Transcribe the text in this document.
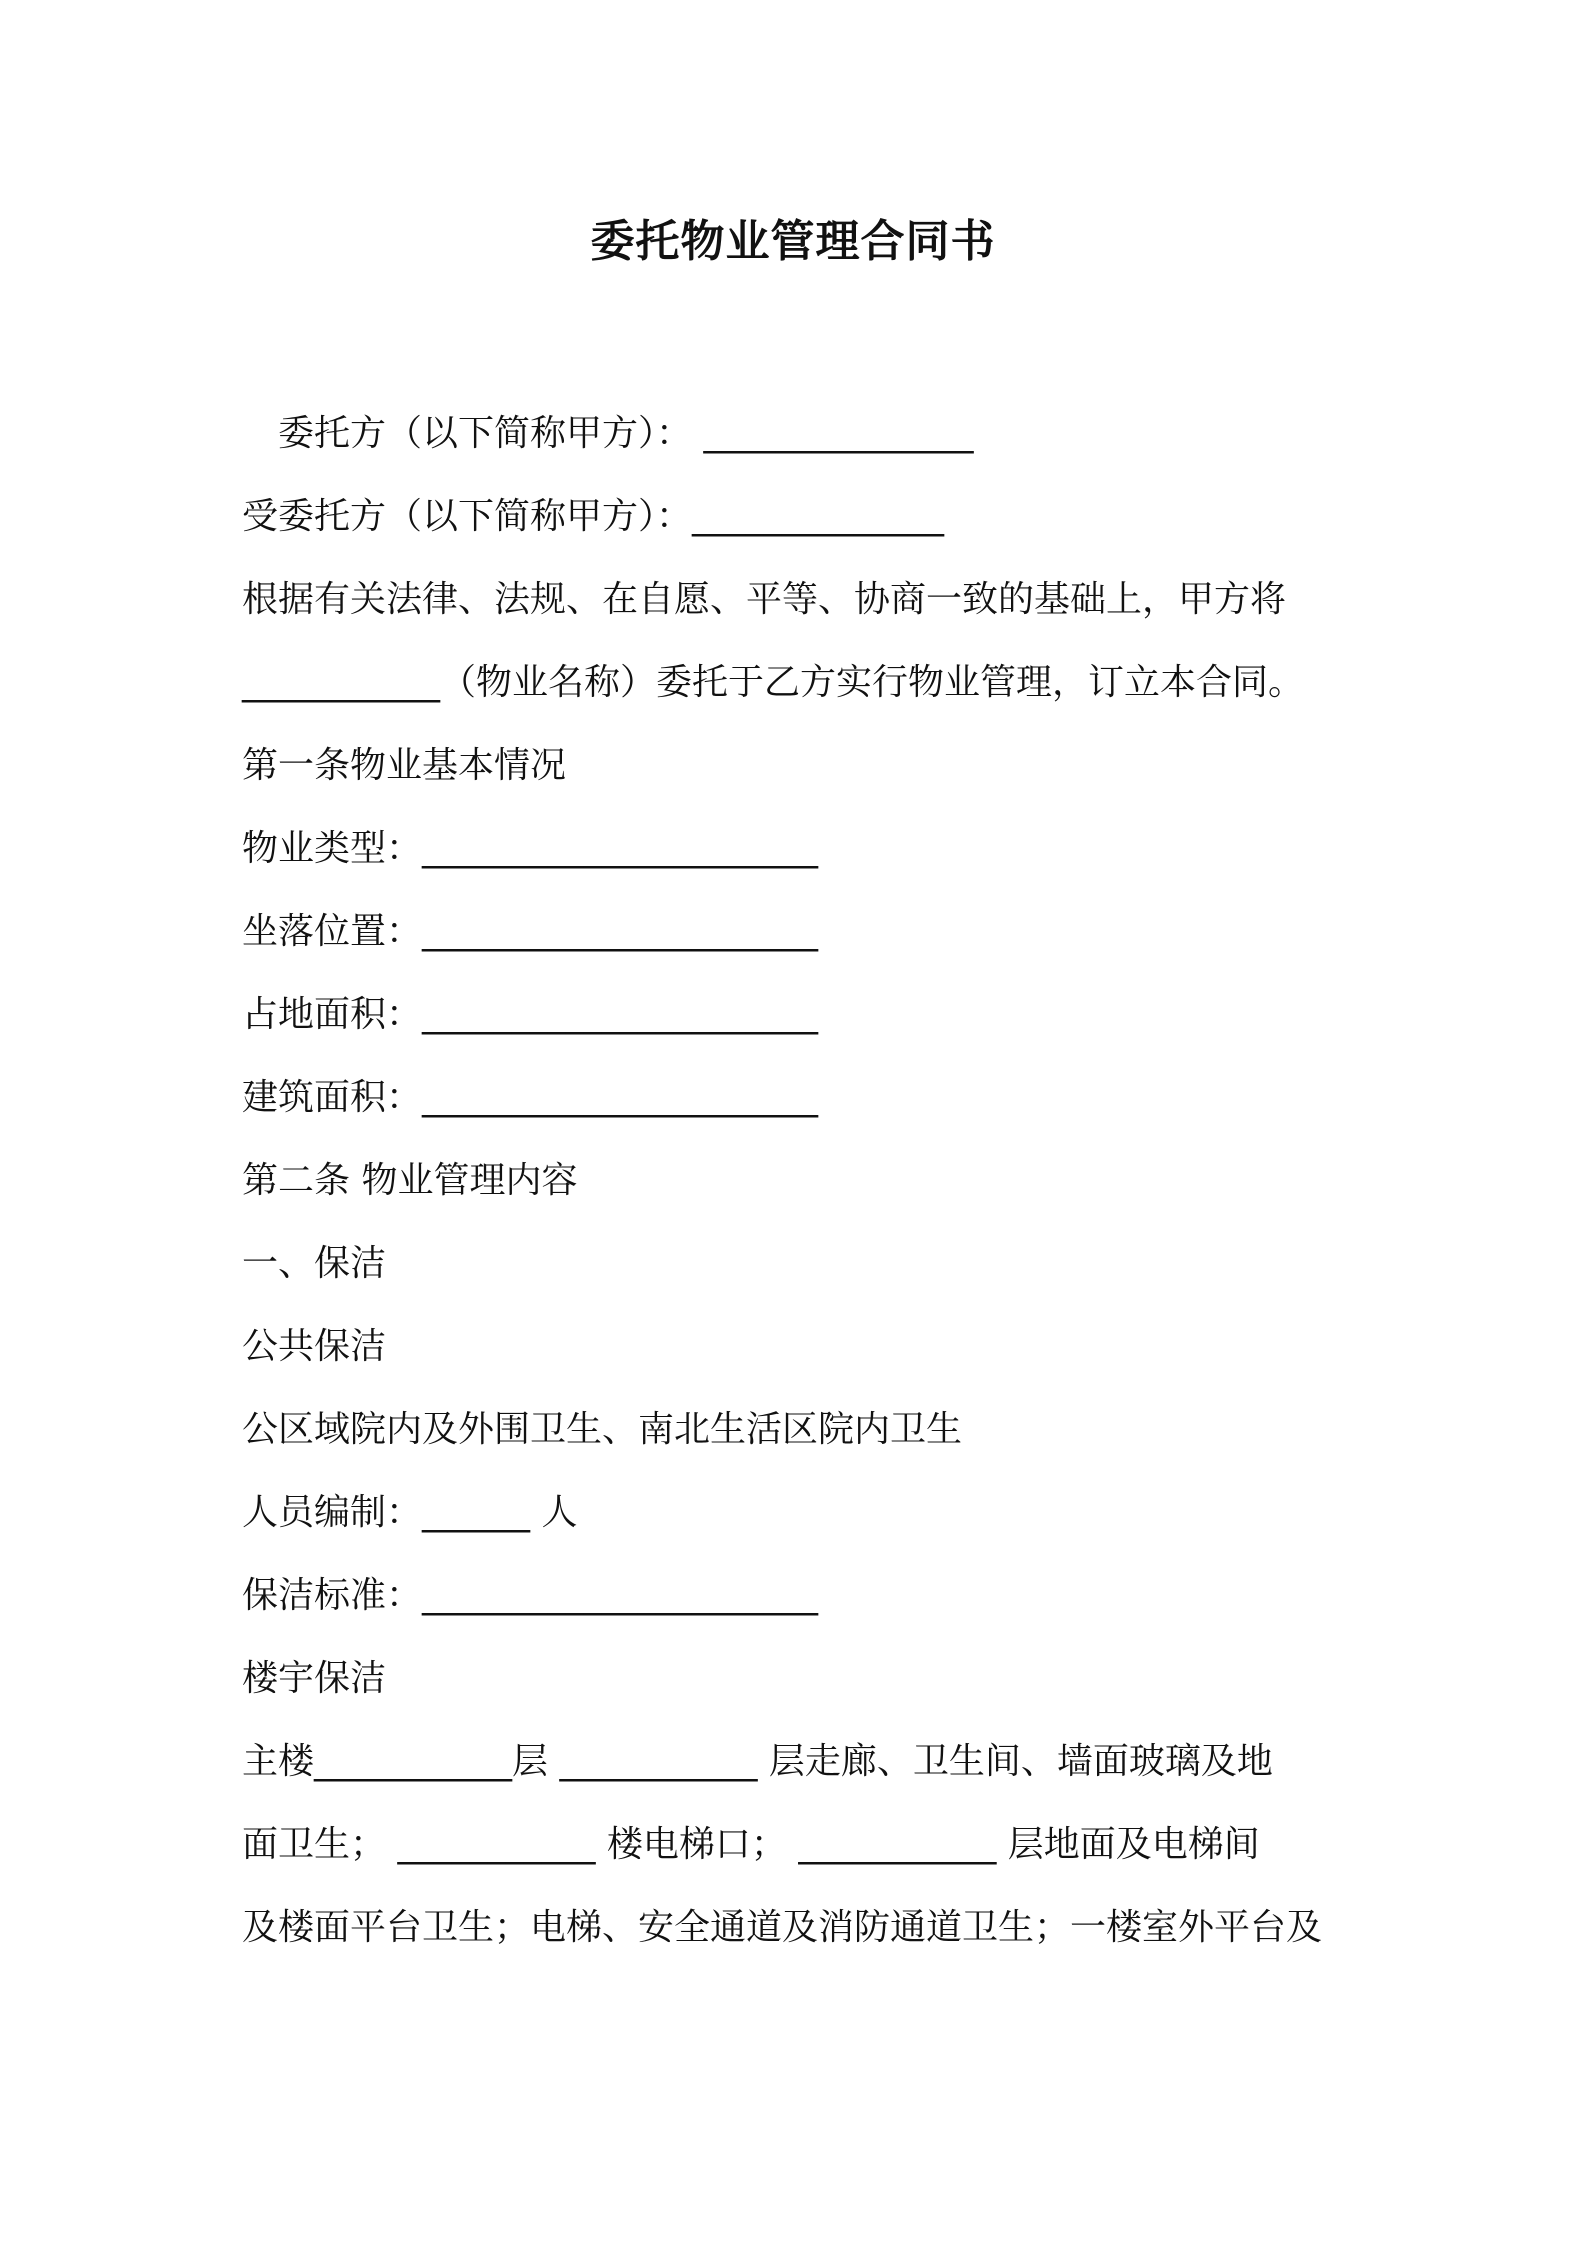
委托物业管理合同书

委托方（以下简称甲方）： _______________

受委托方（以下简称甲方）：______________

根据有关法律、法规、在自愿、平等、协商一致的基础上，甲方将

___________（物业名称）委托于乙方实行物业管理，订立本合同。

第一条物业基本情况

物业类型：______________________

坐落位置：______________________

占地面积：______________________

建筑面积：______________________

第二条 物业管理内容

一、保洁

公共保洁

公区域院内及外围卫生、南北生活区院内卫生

人员编制：______ 人

保洁标准：______________________

楼宇保洁

主楼___________层 ___________ 层走廊、卫生间、墙面玻璃及地

面卫生； ___________ 楼电梯口； ___________ 层地面及电梯间

及楼面平台卫生；电梯、安全通道及消防通道卫生；一楼室外平台及
